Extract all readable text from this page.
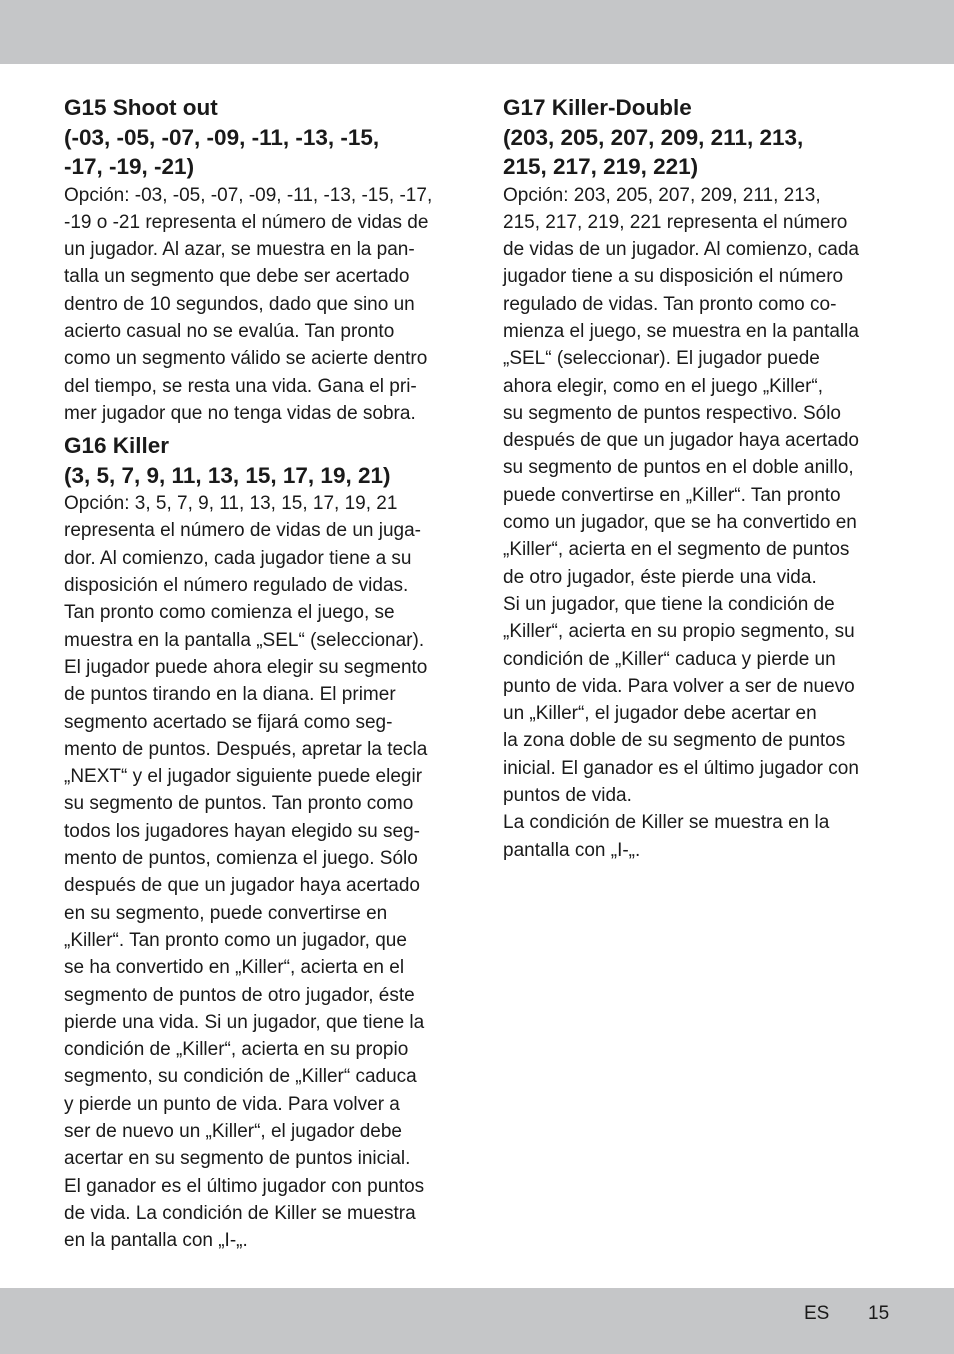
G15 Shoot out
(-03, -05, -07, -09, -11, -13, -15,
-17, -19, -21)

Opción: -03, -05, -07, -09, -11, -13, -15, -17,
-19 o -21 representa el número de vidas de
un jugador. Al azar, se muestra en la pan-
talla un segmento que debe ser acertado
dentro de 10 segundos, dado que sino un
acierto casual no se evalúa. Tan pronto
como un segmento válido se acierte dentro
del tiempo, se resta una vida. Gana el pri-
mer jugador que no tenga vidas de sobra.

G16 Killer
(3, 5, 7, 9, 11, 13, 15, 17, 19, 21)

Opción: 3, 5, 7, 9, 11, 13, 15, 17, 19, 21
representa el número de vidas de un juga-
dor. Al comienzo, cada jugador tiene a su
disposición el número regulado de vidas.
Tan pronto como comienza el juego, se
muestra en la pantalla „SEL“ (seleccionar).
El jugador puede ahora elegir su segmento
de puntos tirando en la diana. El primer
segmento acertado se fijará como seg-
mento de puntos. Después, apretar la tecla
„NEXT“ y el jugador siguiente puede elegir
su segmento de puntos. Tan pronto como
todos los jugadores hayan elegido su seg-
mento de puntos, comienza el juego. Sólo
después de que un jugador haya acertado
en su segmento, puede convertirse en
„Killer“. Tan pronto como un jugador, que
se ha convertido en „Killer“, acierta en el
segmento de puntos de otro jugador, éste
pierde una vida. Si un jugador, que tiene la
condición de „Killer“, acierta en su propio
segmento, su condición de „Killer“ caduca
y pierde un punto de vida. Para volver a
ser de nuevo un „Killer“, el jugador debe
acertar en su segmento de puntos inicial.
El ganador es el último jugador con puntos
de vida. La condición de Killer se muestra
en la pantalla con „I-„.

G17 Killer-Double
(203, 205, 207, 209, 211, 213,
215, 217, 219, 221)

Opción: 203, 205, 207, 209, 211, 213,
215, 217, 219, 221 representa el número
de vidas de un jugador. Al comienzo, cada
jugador tiene a su disposición el número
regulado de vidas. Tan pronto como co-
mienza el juego, se muestra en la pantalla
„SEL“ (seleccionar). El jugador puede
ahora elegir, como en el juego „Killer“,
su segmento de puntos respectivo. Sólo
después de que un jugador haya acertado
su segmento de puntos en el doble anillo,
puede convertirse en „Killer“. Tan pronto
como un jugador, que se ha convertido en
„Killer“, acierta en el segmento de puntos
de otro jugador, éste pierde una vida.
Si un jugador, que tiene la condición de
„Killer“, acierta en su propio segmento, su
condición de „Killer“ caduca y pierde un
punto de vida. Para volver a ser de nuevo
un „Killer“, el jugador debe acertar en
la zona doble de su segmento de puntos
inicial. El ganador es el último jugador con
puntos de vida.
La condición de Killer se muestra en la
pantalla con „I-„.

ES 15
